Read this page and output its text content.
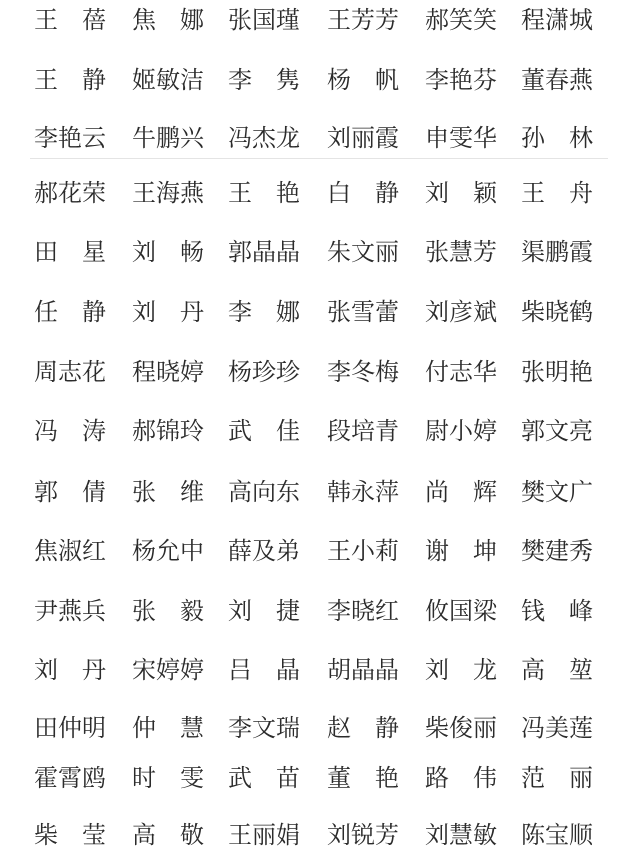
王　蓓	焦　娜	张国瑾	王芳芳	郝笑笑	程潇城
王　静	姬敏洁	李　隽	杨　帆	李艳芬	董春燕
李艳云	牛鹏兴	冯杰龙	刘丽霞	申雯华	孙　林
郝花荣	王海燕	王　艳	白　静	刘　颖	王　舟
田　星	刘　畅	郭晶晶	朱文丽	张慧芳	渠鹏霞
任　静	刘　丹	李　娜	张雪蕾	刘彦斌	柴晓鹤
周志花	程晓婷	杨珍珍	李冬梅	付志华	张明艳
冯　涛	郝锦玲	武　佳	段培青	尉小婷	郭文亮
郭　倩	张　维	高向东	韩永萍	尚　辉	樊文广
焦淑红	杨允中	薛及弟	王小莉	谢　坤	樊建秀
尹燕兵	张　毅	刘　捷	李晓红	攸国梁	钱　峰
刘　丹	宋婷婷	吕　晶	胡晶晶	刘　龙	高　堃
田仲明	仲　慧	李文瑞	赵　静	柴俊丽	冯美莲
霍霄鸥	时　雯	武　苗	董　艳	路　伟	范　丽
柴　莹	高　敬	王丽娟	刘锐芳	刘慧敏	陈宝顺
